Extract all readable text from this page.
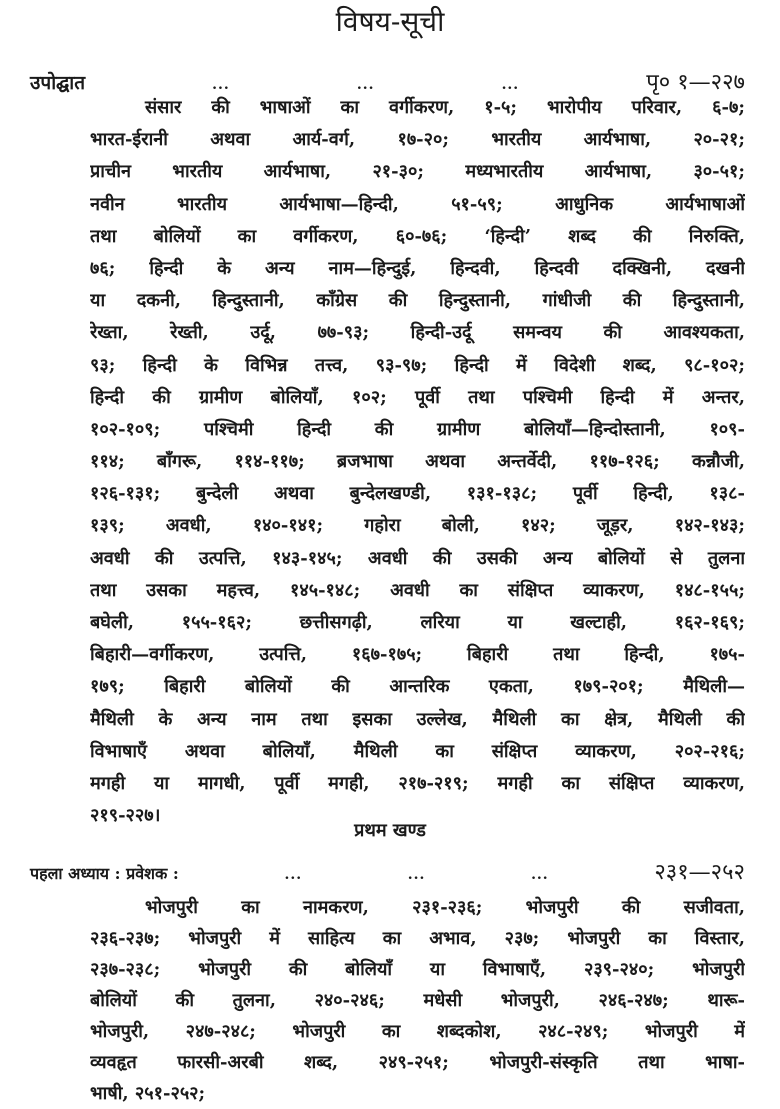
विषय-सूची
उपोद्घात	...	...	...	पृ० १—२२७
संसार की भाषाओं का वर्गीकरण, १-५; भारोपीय परिवार, ६-७;
भारत-ईरानी अथवा आर्य-वर्ग, १७-२०; भारतीय आर्यभाषा, २०-२१;
प्राचीन भारतीय आर्यभाषा, २१-३०; मध्यभारतीय आर्यभाषा, ३०-५१;
नवीन भारतीय आर्यभाषा—हिन्दी, ५१-५९; आधुनिक आर्यभाषाओं
तथा बोलियों का वर्गीकरण, ६०-७६; ‘हिन्दी’ शब्द की निरुक्ति,
७६; हिन्दी के अन्य नाम—हिन्दुई, हिन्दवी, हिन्दवी दक्खिनी, दखनी
या दकनी, हिन्दुस्तानी, काँग्रेस की हिन्दुस्तानी, गांधीजी की हिन्दुस्तानी,
रेख्ता, रेख्ती, उर्दू, ७७-९३; हिन्दी-उर्दू समन्वय की आवश्यकता,
९३; हिन्दी के विभिन्न तत्त्व, ९३-९७; हिन्दी में विदेशी शब्द, ९८-१०२;
हिन्दी की ग्रामीण बोलियाँ, १०२; पूर्वी तथा पश्चिमी हिन्दी में अन्तर,
१०२-१०९; पश्चिमी हिन्दी की ग्रामीण बोलियाँ—हिन्दोस्तानी, १०९-
११४; बाँगरू, ११४-११७; ब्रजभाषा अथवा अन्तर्वेदी, ११७-१२६; कन्नौजी,
१२६-१३१; बुन्देली अथवा बुन्देलखण्डी, १३१-१३८; पूर्वी हिन्दी, १३८-
१३९; अवधी, १४०-१४१; गहोरा बोली, १४२; जूड़र, १४२-१४३;
अवधी की उत्पत्ति, १४३-१४५; अवधी की उसकी अन्य बोलियों से तुलना
तथा उसका महत्त्व, १४५-१४८; अवधी का संक्षिप्त व्याकरण, १४८-१५५;
बघेली, १५५-१६२; छत्तीसगढ़ी, लरिया या खल्टाही, १६२-१६९;
बिहारी—वर्गीकरण, उत्पत्ति, १६७-१७५; बिहारी तथा हिन्दी, १७५-
१७९; बिहारी बोलियों की आन्तरिक एकता, १७९-२०१; मैथिली—
मैथिली के अन्य नाम तथा इसका उल्लेख, मैथिली का क्षेत्र, मैथिली की
विभाषाएँ अथवा बोलियाँ, मैथिली का संक्षिप्त व्याकरण, २०२-२१६;
मगही या मागधी, पूर्वी मगही, २१७-२१९; मगही का संक्षिप्त व्याकरण,
२१९-२२७।
प्रथम खण्ड
पहला अध्याय : प्रवेशक :	...	...	...	२३१—२५२
भोजपुरी का नामकरण, २३१-२३६; भोजपुरी की सजीवता,
२३६-२३७; भोजपुरी में साहित्य का अभाव, २३७; भोजपुरी का विस्तार,
२३७-२३८; भोजपुरी की बोलियाँ या विभाषाएँ, २३९-२४०; भोजपुरी
बोलियों की तुलना, २४०-२४६; मधेसी भोजपुरी, २४६-२४७; थारू-
भोजपुरी, २४७-२४८; भोजपुरी का शब्दकोश, २४८-२४९; भोजपुरी में
व्यवहृत फारसी-अरबी शब्द, २४९-२५१; भोजपुरी-संस्कृति तथा भाषा-
भाषी, २५१-२५२;
